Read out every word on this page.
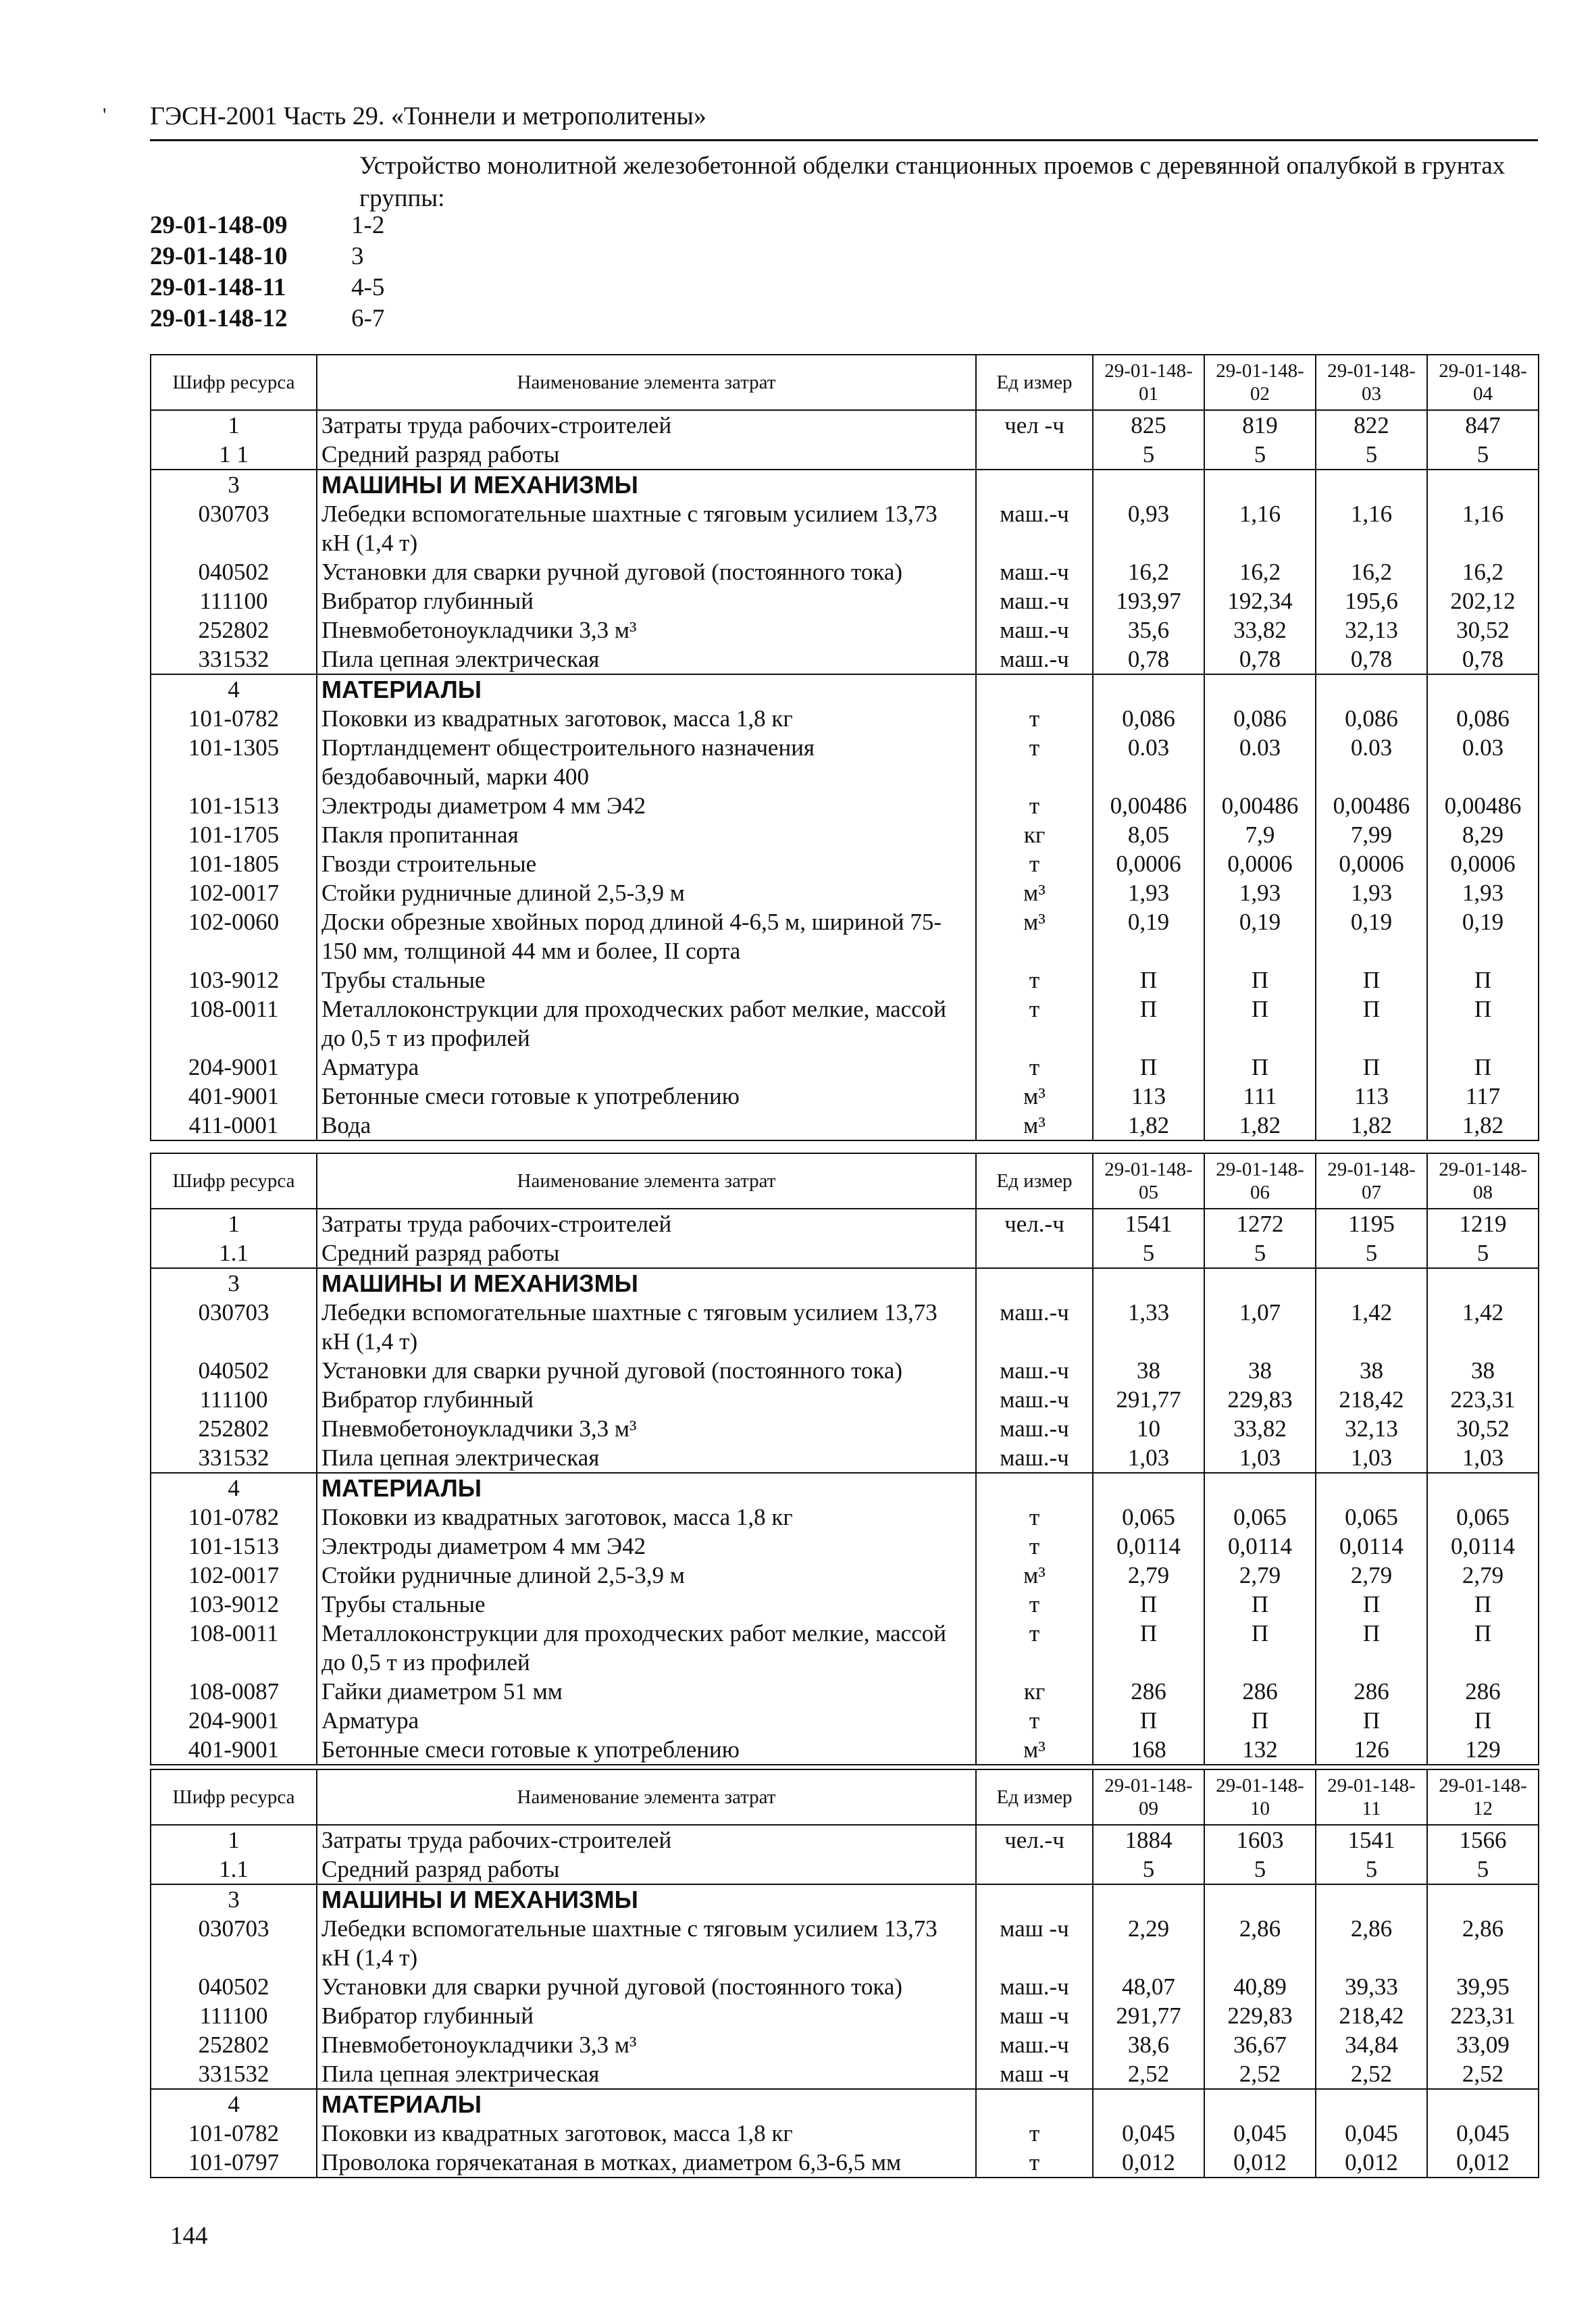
' ГЭСН-2001 Часть 29. «Тоннели и метрополитены»
Устройство монолитной железобетонной обделки станционных проемов с деревянной опалубкой в грунтах группы:
29-01-148-09	1-2
29-01-148-10	3
29-01-148-11	4-5
29-01-148-12	6-7
Шифр ресурса	Наименование элемента затрат	Ед измер	29-01-148-01	29-01-148-02	29-01-148-03	29-01-148-04
1	Затраты труда рабочих-строителей	чел -ч	825	819	822	847
1 1	Средний разряд работы		5	5	5	5
3	МАШИНЫ И МЕХАНИЗМЫ					
030703	Лебедки вспомогательные шахтные с тяговым усилием 13,73 кН (1,4 т)	маш.-ч	0,93	1,16	1,16	1,16
040502	Установки для сварки ручной дуговой (постоянного тока)	маш.-ч	16,2	16,2	16,2	16,2
111100	Вибратор глубинный	маш.-ч	193,97	192,34	195,6	202,12
252802	Пневмобетоноукладчики 3,3 м³	маш.-ч	35,6	33,82	32,13	30,52
331532	Пила цепная электрическая	маш.-ч	0,78	0,78	0,78	0,78
4	МАТЕРИАЛЫ					
101-0782	Поковки из квадратных заготовок, масса 1,8 кг	т	0,086	0,086	0,086	0,086
101-1305	Портландцемент общестроительного назначения бездобавочный, марки 400	т	0.03	0.03	0.03	0.03
101-1513	Электроды диаметром 4 мм Э42	т	0,00486	0,00486	0,00486	0,00486
101-1705	Пакля пропитанная	кг	8,05	7,9	7,99	8,29
101-1805	Гвозди строительные	т	0,0006	0,0006	0,0006	0,0006
102-0017	Стойки рудничные длиной 2,5-3,9 м	м³	1,93	1,93	1,93	1,93
102-0060	Доски обрезные хвойных пород длиной 4-6,5 м, шириной 75-150 мм, толщиной 44 мм и более, II сорта	м³	0,19	0,19	0,19	0,19
103-9012	Трубы стальные	т	П	П	П	П
108-0011	Металлоконструкции для проходческих работ мелкие, массой до 0,5 т из профилей	т	П	П	П	П
204-9001	Арматура	т	П	П	П	П
401-9001	Бетонные смеси готовые к употреблению	м³	113	111	113	117
411-0001	Вода	м³	1,82	1,82	1,82	1,82
Шифр ресурса	Наименование элемента затрат	Ед измер	29-01-148-05	29-01-148-06	29-01-148-07	29-01-148-08
1	Затраты труда рабочих-строителей	чел.-ч	1541	1272	1195	1219
1.1	Средний разряд работы		5	5	5	5
3	МАШИНЫ И МЕХАНИЗМЫ					
030703	Лебедки вспомогательные шахтные с тяговым усилием 13,73 кН (1,4 т)	маш.-ч	1,33	1,07	1,42	1,42
040502	Установки для сварки ручной дуговой (постоянного тока)	маш.-ч	38	38	38	38
111100	Вибратор глубинный	маш.-ч	291,77	229,83	218,42	223,31
252802	Пневмобетоноукладчики 3,3 м³	маш.-ч	10	33,82	32,13	30,52
331532	Пила цепная электрическая	маш.-ч	1,03	1,03	1,03	1,03
4	МАТЕРИАЛЫ					
101-0782	Поковки из квадратных заготовок, масса 1,8 кг	т	0,065	0,065	0,065	0,065
101-1513	Электроды диаметром 4 мм Э42	т	0,0114	0,0114	0,0114	0,0114
102-0017	Стойки рудничные длиной 2,5-3,9 м	м³	2,79	2,79	2,79	2,79
103-9012	Трубы стальные	т	П	П	П	П
108-0011	Металлоконструкции для проходческих работ мелкие, массой до 0,5 т из профилей	т	П	П	П	П
108-0087	Гайки диаметром 51 мм	кг	286	286	286	286
204-9001	Арматура	т	П	П	П	П
401-9001	Бетонные смеси готовые к употреблению	м³	168	132	126	129
Шифр ресурса	Наименование элемента затрат	Ед измер	29-01-148-09	29-01-148-10	29-01-148-11	29-01-148-12
1	Затраты труда рабочих-строителей	чел.-ч	1884	1603	1541	1566
1.1	Средний разряд работы		5	5	5	5
3	МАШИНЫ И МЕХАНИЗМЫ					
030703	Лебедки вспомогательные шахтные с тяговым усилием 13,73 кН (1,4 т)	маш -ч	2,29	2,86	2,86	2,86
040502	Установки для сварки ручной дуговой (постоянного тока)	маш.-ч	48,07	40,89	39,33	39,95
111100	Вибратор глубинный	маш -ч	291,77	229,83	218,42	223,31
252802	Пневмобетоноукладчики 3,3 м³	маш.-ч	38,6	36,67	34,84	33,09
331532	Пила цепная электрическая	маш -ч	2,52	2,52	2,52	2,52
4	МАТЕРИАЛЫ					
101-0782	Поковки из квадратных заготовок, масса 1,8 кг	т	0,045	0,045	0,045	0,045
101-0797	Проволока горячекатаная в мотках, диаметром 6,3-6,5 мм	т	0,012	0,012	0,012	0,012
144
